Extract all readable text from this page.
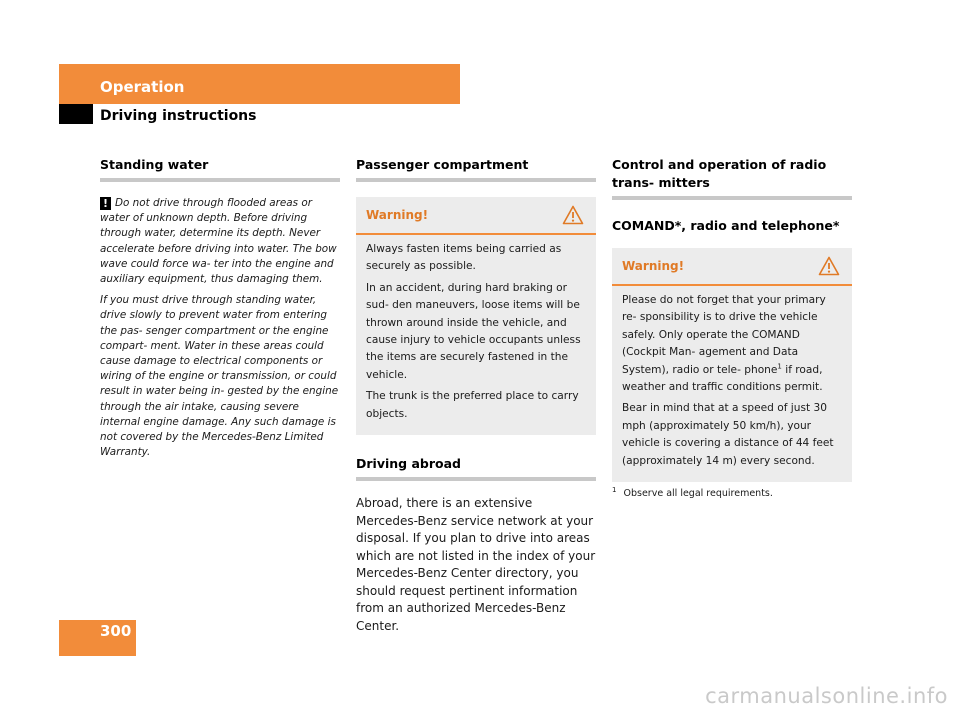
Operation
Driving instructions
Standing water

! Do not drive through flooded areas or water of unknown depth. Before driving through water, determine its depth. Never accelerate before driving into water. The bow wave could force wa- ter into the engine and auxiliary equipment, thus damaging them.

If you must drive through standing water, drive slowly to prevent water from entering the pas- senger compartment or the engine compart- ment. Water in these areas could cause damage to electrical components or wiring of the engine or transmission, or could result in water being in- gested by the engine through the air intake, causing severe internal engine damage. Any such damage is not covered by the Mercedes-Benz Limited Warranty.

Passenger compartment
Warning!

Always fasten items being carried as securely as possible.

In an accident, during hard braking or sud- den maneuvers, loose items will be thrown around inside the vehicle, and cause injury to vehicle occupants unless the items are securely fastened in the vehicle.

The trunk is the preferred place to carry objects.

Driving abroad
Abroad, there is an extensive Mercedes-Benz service network at your disposal. If you plan to drive into areas which are not listed in the index of your Mercedes-Benz Center directory, you should request pertinent information from an authorized Mercedes-Benz Center.
Control and operation of radio trans- mitters
COMAND*, radio and telephone*
Warning!

Please do not forget that your primary re- sponsibility is to drive the vehicle safely. Only operate the COMAND (Cockpit Man- agement and Data System), radio or tele- phone$^1$ if road, weather and traffic conditions permit.

Bear in mind that at a speed of just 30 mph (approximately 50 km/h), your vehicle is covering a distance of 44 feet (approximately 14 m) every second.

$^1$ Observe all legal requirements.
300
carmanualsonline.info
